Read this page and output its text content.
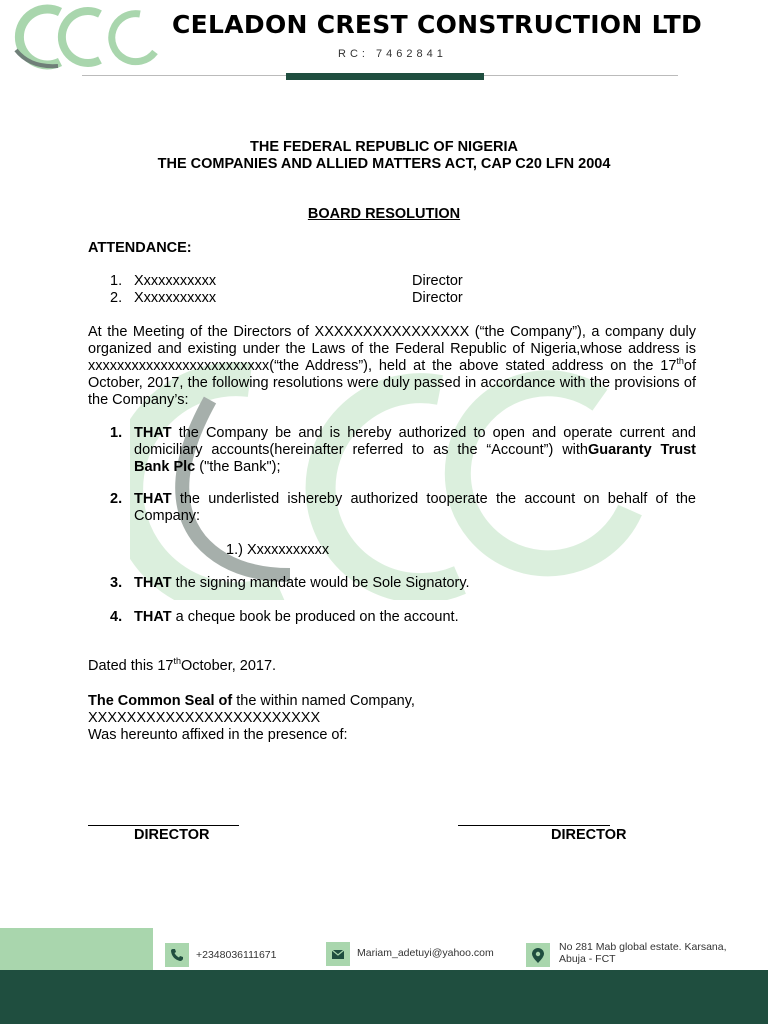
CELADON CREST CONSTRUCTION LTD
RC: 7462841
THE FEDERAL REPUBLIC OF NIGERIA
THE COMPANIES AND ALLIED MATTERS ACT, CAP C20 LFN 2004
BOARD RESOLUTION
ATTENDANCE:
1. Xxxxxxxxxxx	Director
2. Xxxxxxxxxxx	Director
At the Meeting of the Directors of XXXXXXXXXXXXXXXX (“the Company”), a company duly organized and existing under the Laws of the Federal Republic of Nigeria,whose address is xxxxxxxxxxxxxxxxxxxxxxxxx(“the Address”), held at the above stated address on the 17thof October, 2017, the following resolutions were duly passed in accordance with the provisions of the Company’s:
1. THAT the Company be and is hereby authorized to open and operate current and domiciliary accounts(hereinafter referred to as the “Account”) withGuaranty Trust Bank Plc ("the Bank");
2. THAT the underlisted ishereby authorized tooperate the account on behalf of the Company:
1.) Xxxxxxxxxxx
3. THAT the signing mandate would be Sole Signatory.
4. THAT a cheque book be produced on the account.
Dated this 17thOctober, 2017.
The Common Seal of the within named Company,
XXXXXXXXXXXXXXXXXXXXXXXX
Was hereunto affixed in the presence of:
DIRECTOR	DIRECTOR
+2348036111671	Mariam_adetuyi@yahoo.com	No 281 Mab global estate. Karsana,
Abuja - FCT
